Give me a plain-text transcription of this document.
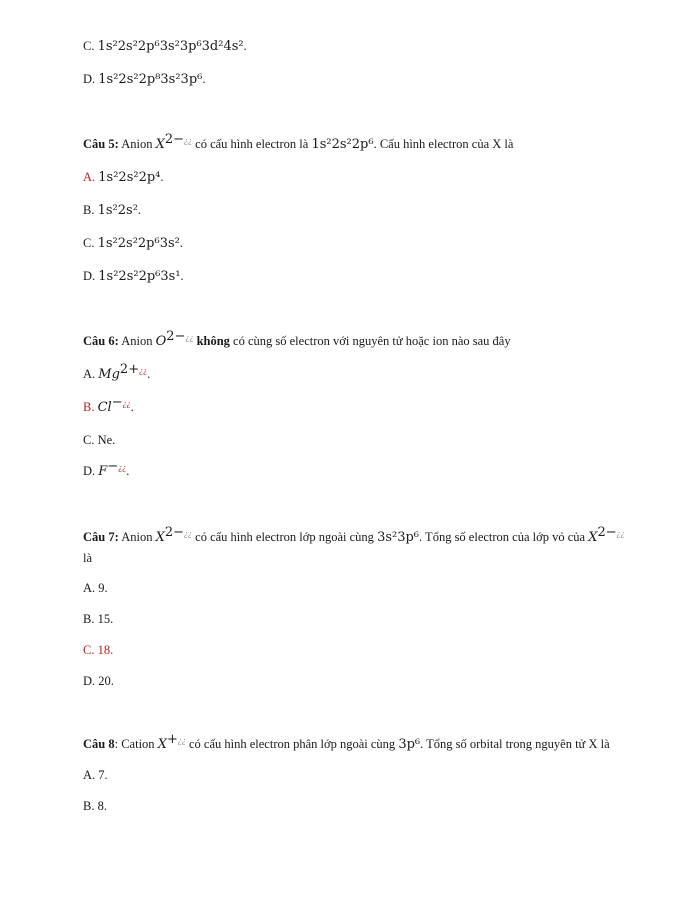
C. 1s²2s²2p⁶3s²3p⁶3d²4s².
D. 1s²2s²2p⁸3s²3p⁶.
Câu 5: Anion $X^{2-¿¿}$ có cấu hình electron là 1s²2s²2p⁶. Cấu hình electron của X là
A. 1s²2s²2p⁴.
B. 1s²2s².
C. 1s²2s²2p⁶3s².
D. 1s²2s²2p⁶3s¹.
Câu 6: Anion $O^{2-¿¿}$ không có cùng số electron với nguyên tử hoặc ion nào sau đây
A. $Mg^{2+¿¿}$.
B. Cl−¿¿.
C. Ne.
D. F−¿¿.
Câu 7: Anion $X^{2-¿¿}$ có cấu hình electron lớp ngoài cùng 3s²3p⁶. Tổng số electron của lớp vỏ của $X^{2-¿¿}$
là
A. 9.
B. 15.
C. 18.
D. 20.
Câu 8: Cation X+¿¿ có cấu hình electron phân lớp ngoài cùng 3p⁶. Tổng số orbital trong nguyên tử X là
A. 7.
B. 8.
